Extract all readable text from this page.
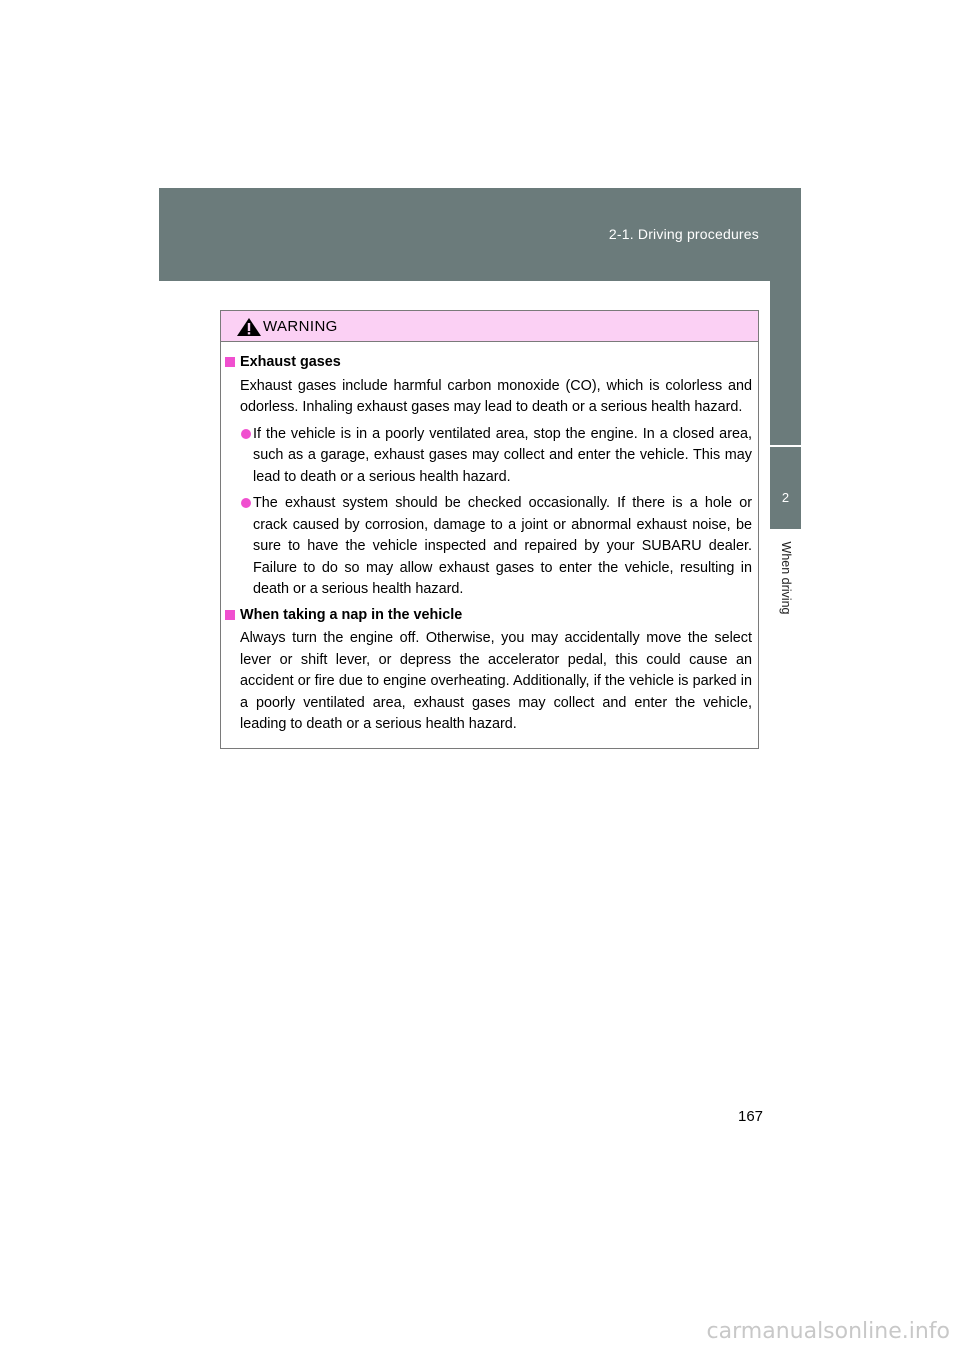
2-1. Driving procedures
2
When driving
WARNING
Exhaust gases
Exhaust gases include harmful carbon monoxide (CO), which is colorless and odorless. Inhaling exhaust gases may lead to death or a serious health hazard.
If the vehicle is in a poorly ventilated area, stop the engine. In a closed area, such as a garage, exhaust gases may collect and enter the vehicle. This may lead to death or a serious health hazard.
The exhaust system should be checked occasionally. If there is a hole or crack caused by corrosion, damage to a joint or abnormal exhaust noise, be sure to have the vehicle inspected and repaired by your SUBARU dealer. Failure to do so may allow exhaust gases to enter the vehicle, resulting in death or a serious health hazard.
When taking a nap in the vehicle
Always turn the engine off. Otherwise, you may accidentally move the select lever or shift lever, or depress the accelerator pedal, this could cause an accident or fire due to engine overheating. Additionally, if the vehicle is parked in a poorly ventilated area, exhaust gases may collect and enter the vehicle, leading to death or a serious health hazard.
167
carmanualsonline.info
